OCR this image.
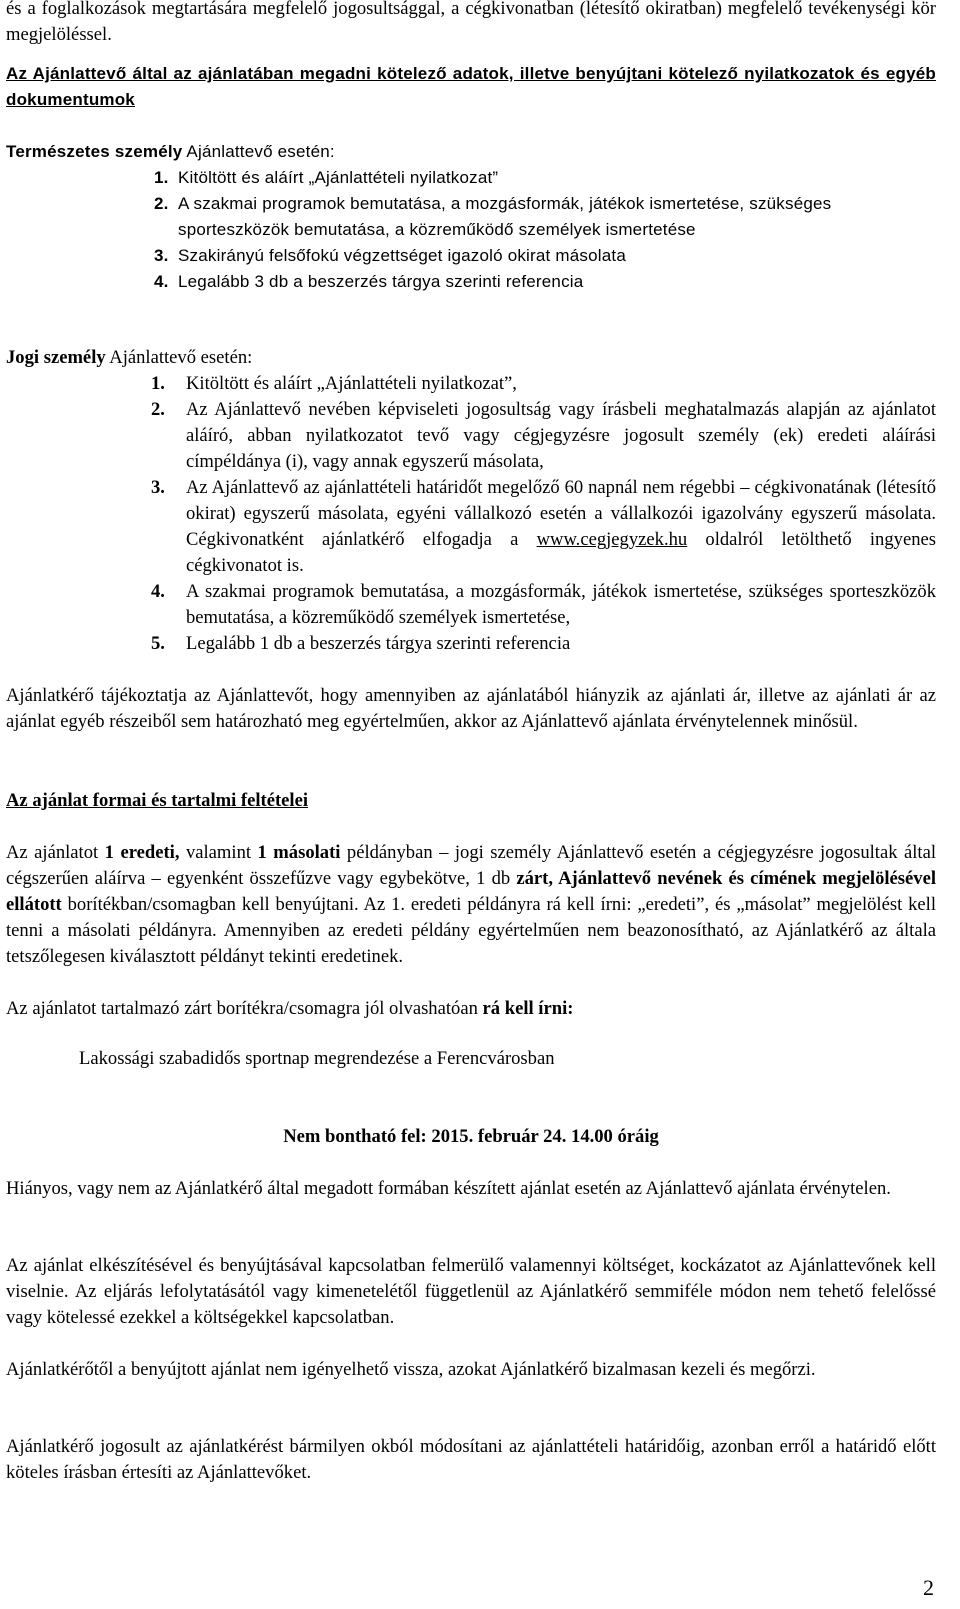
és a foglalkozások megtartására megfelelő jogosultsággal, a cégkivonatban (létesítő okiratban) megfelelő tevékenységi kör megjelöléssel.

Az Ajánlattevő által az ajánlatában megadni kötelező adatok, illetve benyújtani kötelező nyilatkozatok és egyéb dokumentumok

Természetes személy Ajánlattevő esetén:

1. Kitöltött és aláírt „Ajánlattételi nyilatkozat”
2. A szakmai programok bemutatása, a mozgásformák, játékok ismertetése, szükséges sporteszközök bemutatása, a közreműködő személyek ismertetése
3. Szakirányú felsőfokú végzettséget igazoló okirat másolata
4. Legalább 3 db a beszerzés tárgya szerinti referencia

Jogi személy Ajánlattevő esetén:

1. Kitöltött és aláírt „Ajánlattételi nyilatkozat”,
2. Az Ajánlattevő nevében képviseleti jogosultság vagy írásbeli meghatalmazás alapján az ajánlatot aláíró, abban nyilatkozatot tevő vagy cégjegyzésre jogosult személy (ek) eredeti aláírási címpéldánya (i), vagy annak egyszerű másolata,
3. Az Ajánlattevő az ajánlattételi határidőt megelőző 60 napnál nem régebbi – cégkivonatának (létesítő okirat) egyszerű másolata, egyéni vállalkozó esetén a vállalkozói igazolvány egyszerű másolata. Cégkivonatként ajánlatkérő elfogadja a www.cegjegyzek.hu oldalról letölthető ingyenes cégkivonatot is.
4. A szakmai programok bemutatása, a mozgásformák, játékok ismertetése, szükséges sporteszközök bemutatása, a közreműködő személyek ismertetése,
5. Legalább 1 db a beszerzés tárgya szerinti referencia

Ajánlatkérő tájékoztatja az Ajánlattevőt, hogy amennyiben az ajánlatából hiányzik az ajánlati ár, illetve az ajánlati ár az ajánlat egyéb részeiből sem határozható meg egyértelműen, akkor az Ajánlattevő ajánlata érvénytelennek minősül.

Az ajánlat formai és tartalmi feltételei

Az ajánlatot 1 eredeti, valamint 1 másolati példányban – jogi személy Ajánlattevő esetén a cégjegyzésre jogosultak által cégszerűen aláírva – egyenként összefűzve vagy egybekötve, 1 db zárt, Ajánlattevő nevének és címének megjelölésével ellátott borítékban/csomagban kell benyújtani. Az 1. eredeti példányra rá kell írni: „eredeti”, és „másolat” megjelölést kell tenni a másolati példányra. Amennyiben az eredeti példány egyértelműen nem beazonosítható, az Ajánlatkérő az általa tetszőlegesen kiválasztott példányt tekinti eredetinek.

Az ajánlatot tartalmazó zárt borítékra/csomagra jól olvashatóan rá kell írni:

Lakossági szabadidős sportnap megrendezése a Ferencvárosban

Nem bontható fel: 2015. február 24. 14.00 óráig

Hiányos, vagy nem az Ajánlatkérő által megadott formában készített ajánlat esetén az Ajánlattevő ajánlata érvénytelen.

Az ajánlat elkészítésével és benyújtásával kapcsolatban felmerülő valamennyi költséget, kockázatot az Ajánlattevőnek kell viselnie. Az eljárás lefolytatásától vagy kimenetelétől függetlenül az Ajánlatkérő semmiféle módon nem tehető felelőssé vagy kötelessé ezekkel a költségekkel kapcsolatban.

Ajánlatkérőtől a benyújtott ajánlat nem igényelhető vissza, azokat Ajánlatkérő bizalmasan kezeli és megőrzi.

Ajánlatkérő jogosult az ajánlatkérést bármilyen okból módosítani az ajánlattételi határidőig, azonban erről a határidő előtt köteles írásban értesíti az Ajánlattevőket.

2
